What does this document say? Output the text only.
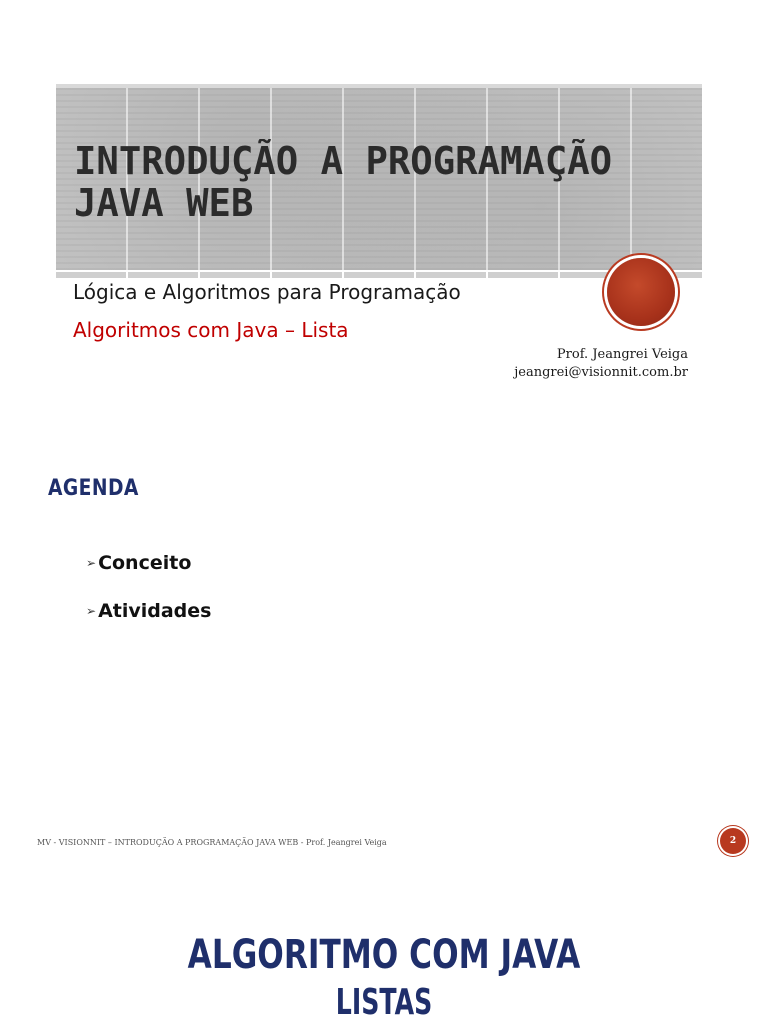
INTRODUÇÃO A PROGRAMAÇÃO JAVA WEB
Lógica e Algoritmos para Programação
Algoritmos com Java – Lista
Prof. Jeangrei Veiga
jeangrei@visionnit.com.br
AGENDA
➢ Conceito
➢ Atividades
MV - VISIONNIT – INTRODUÇÃO A PROGRAMAÇÃO JAVA WEB - Prof. Jeangrei Veiga	2
ALGORITMO COM JAVA
LISTAS
